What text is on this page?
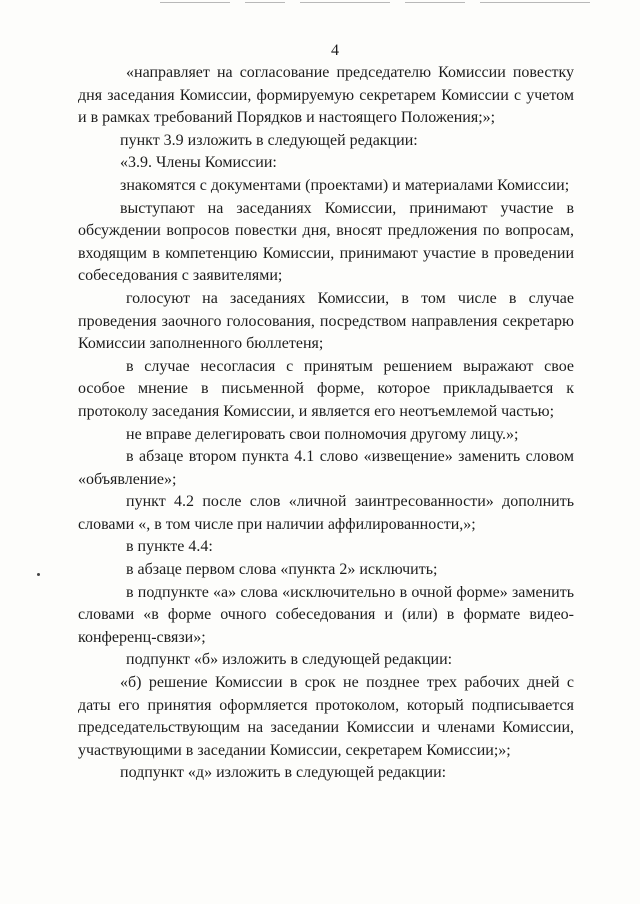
4

«направляет на согласование председателю Комиссии повестку дня заседания Комиссии, формируемую секретарем Комиссии с учетом и в рамках требований Порядков и настоящего Положения;»;

пункт 3.9 изложить в следующей редакции:

«3.9. Члены Комиссии:

знакомятся с документами (проектами) и материалами Комиссии;

выступают на заседаниях Комиссии, принимают участие в обсуждении вопросов повестки дня, вносят предложения по вопросам, входящим в компетенцию Комиссии, принимают участие в проведении собеседования с заявителями;

голосуют на заседаниях Комиссии, в том числе в случае проведения заочного голосования, посредством направления секретарю Комиссии заполненного бюллетеня;

в случае несогласия с принятым решением выражают свое особое мнение в письменной форме, которое прикладывается к протоколу заседания Комиссии, и является его неотъемлемой частью;

не вправе делегировать свои полномочия другому лицу.»;

в абзаце втором пункта 4.1 слово «извещение» заменить словом «объявление»;

пункт 4.2 после слов «личной заинтресованности» дополнить словами «, в том числе при наличии аффилированности,»;

в пункте 4.4:

в абзаце первом слова «пункта 2» исключить;

в подпункте «а» слова «исключительно в очной форме» заменить словами «в форме очного собеседования и (или) в формате видео-конференц-связи»;

подпункт «б» изложить в следующей редакции:

«б) решение Комиссии в срок не позднее трех рабочих дней с даты его принятия оформляется протоколом, который подписывается председательствующим на заседании Комиссии и членами Комиссии, участвующими в заседании Комиссии, секретарем Комиссии;»;

подпункт «д» изложить в следующей редакции:
